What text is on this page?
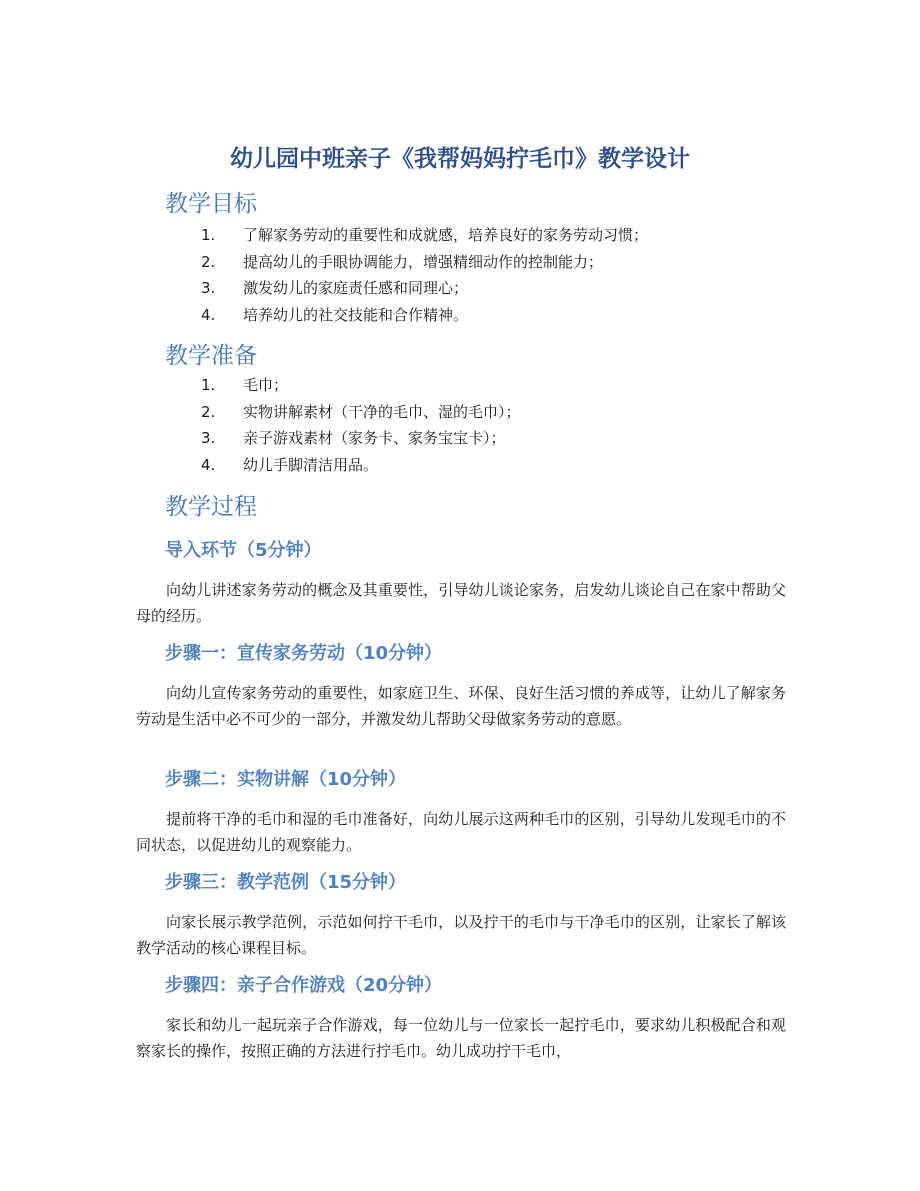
幼儿园中班亲子《我帮妈妈拧毛巾》教学设计
教学目标
1. 了解家务劳动的重要性和成就感，培养良好的家务劳动习惯；
2. 提高幼儿的手眼协调能力，增强精细动作的控制能力；
3. 激发幼儿的家庭责任感和同理心；
4. 培养幼儿的社交技能和合作精神。
教学准备
1. 毛巾；
2. 实物讲解素材（干净的毛巾、湿的毛巾）；
3. 亲子游戏素材（家务卡、家务宝宝卡）；
4. 幼儿手脚清洁用品。
教学过程
导入环节（5分钟）

向幼儿讲述家务劳动的概念及其重要性，引导幼儿谈论家务，启发幼儿谈论自己在家中帮助父母的经历。

步骤一：宣传家务劳动（10分钟）

向幼儿宣传家务劳动的重要性，如家庭卫生、环保、良好生活习惯的养成等，让幼儿了解家务劳动是生活中必不可少的一部分，并激发幼儿帮助父母做家务劳动的意愿。

步骤二：实物讲解（10分钟）

提前将干净的毛巾和湿的毛巾准备好，向幼儿展示这两种毛巾的区别，引导幼儿发现毛巾的不同状态，以促进幼儿的观察能力。

步骤三：教学范例（15分钟）

向家长展示教学范例，示范如何拧干毛巾，以及拧干的毛巾与干净毛巾的区别，让家长了解该教学活动的核心课程目标。

步骤四：亲子合作游戏（20分钟）

家长和幼儿一起玩亲子合作游戏，每一位幼儿与一位家长一起拧毛巾，要求幼儿积极配合和观察家长的操作，按照正确的方法进行拧毛巾。幼儿成功拧干毛巾，
